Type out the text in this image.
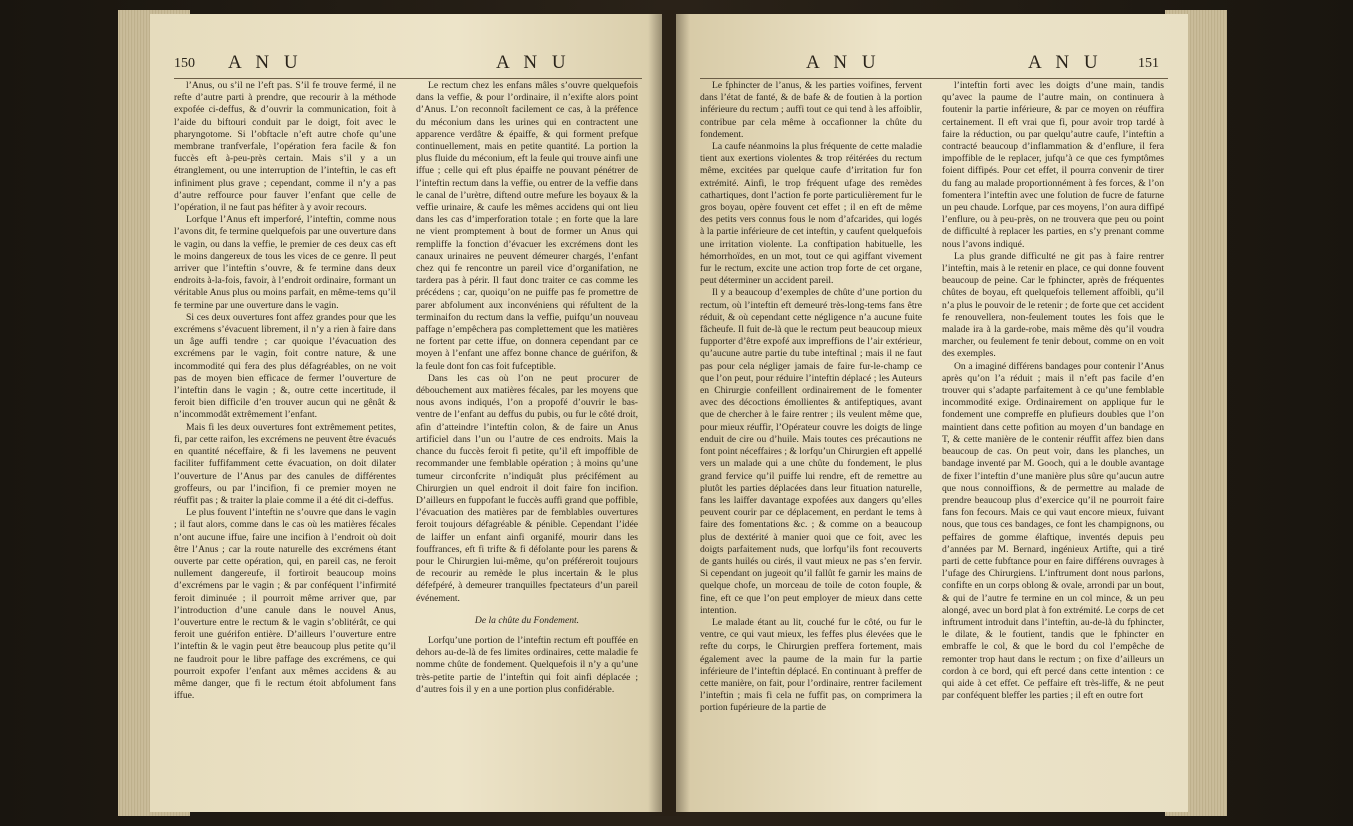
150 A N U	A N U

l’Anus, ou s’il ne l’eft pas. S’il fe trouve fermé, il ne refte d’autre parti à prendre, que recourir à la méthode expofée ci-deffus, & d’ouvrir la communication, foit à l’aide du biftouri conduit par le doigt, foit avec le pharyngotome. Si l’obftacle n’eft autre chofe qu’une membrane tranfverfale, l’opération fera facile & fon fuccès eft à-peu-près certain. Mais s’il y a un étranglement, ou une interruption de l’inteftin, le cas eft infiniment plus grave ; cependant, comme il n’y a pas d’autre reffource pour fauver l’enfant que celle de l’opération, il ne faut pas héfiter à y avoir recours.

Lorfque l’Anus eft imperforé, l’inteftin, comme nous l’avons dit, fe termine quelquefois par une ouverture dans le vagin, ou dans la veffie, le premier de ces deux cas eft le moins dangereux de tous les vices de ce genre. Il peut arriver que l’inteftin s’ouvre, & fe termine dans deux endroits à-la-fois, favoir, à l’endroit ordinaire, formant un véritable Anus plus ou moins parfait, en même-tems qu’il fe termine par une ouverture dans le vagin.

Si ces deux ouvertures font affez grandes pour que les excrémens s’évacuent librement, il n’y a rien à faire dans un âge auffi tendre ; car quoique l’évacuation des excrémens par le vagin, foit contre nature, & une incommodité qui fera des plus défagréables, on ne voit pas de moyen bien efficace de fermer l’ouverture de l’inteftin dans le vagin ; &, outre cette incertitude, il feroit bien difficile d’en trouver aucun qui ne gênât & n’incommodât extrêmement l’enfant.

Mais fi les deux ouvertures font extrêmement petites, fi, par cette raifon, les excrémens ne peuvent être évacués en quantité néceffaire, & fi les lavemens ne peuvent faciliter fuffifamment cette évacuation, on doit dilater l’ouverture de l’Anus par des canules de différentes groffeurs, ou par l’incifion, fi ce premier moyen ne réuffit pas ; & traiter la plaie comme il a été dit ci-deffus.

Le plus fouvent l’inteftin ne s’ouvre que dans le vagin ; il faut alors, comme dans le cas où les matières fécales n’ont aucune iffue, faire une incifion à l’endroit où doit être l’Anus ; car la route naturelle des excrémens étant ouverte par cette opération, qui, en pareil cas, ne feroit nullement dangereufe, il fortiroit beaucoup moins d’excrémens par le vagin ; & par conféquent l’infirmité feroit diminuée ; il pourroit même arriver que, par l’introduction d’une canule dans le nouvel Anus, l’ouverture entre le rectum & le vagin s’oblitérât, ce qui feroit une guérifon entière. D’ailleurs l’ouverture entre l’inteftin & le vagin peut être beaucoup plus petite qu’il ne faudroit pour le libre paffage des excrémens, ce qui pourroit expofer l’enfant aux mêmes accidens & au même danger, que fi le rectum étoit abfolument fans iffue.

Le rectum chez les enfans mâles s’ouvre quelquefois dans la veffie, & pour l’ordinaire, il n’exifte alors point d’Anus. L’on reconnoît facilement ce cas, à la préfence du méconium dans les urines qui en contractent une apparence verdâtre & épaiffe, & qui forment prefque continuellement, mais en petite quantité. La portion la plus fluide du méconium, eft la feule qui trouve ainfi une iffue ; celle qui eft plus épaiffe ne pouvant pénétrer de l’inteftin rectum dans la veffie, ou entrer de la veffie dans le canal de l’urètre, diftend outre mefure les boyaux & la veffie urinaire, & caufe les mêmes accidens qui ont lieu dans les cas d’imperforation totale ; en forte que la lare ne vient promptement à bout de former un Anus qui rempliffe la fonction d’évacuer les excrémens dont les canaux urinaires ne peuvent démeurer chargés, l’enfant chez qui fe rencontre un pareil vice d’organifation, ne tardera pas à périr. Il faut donc traiter ce cas comme les précédens ; car, quoiqu’on ne puiffe pas fe promettre de parer abfolument aux inconvéniens qui réfultent de la terminaifon du rectum dans la veffie, puifqu’un nouveau paffage n’empêchera pas complettement que les matières ne fortent par cette iffue, on donnera cependant par ce moyen à l’enfant une affez bonne chance de guérifon, & la feule dont fon cas foit fufceptible.

Dans les cas où l’on ne peut procurer de débouchement aux matières fécales, par les moyens que nous avons indiqués, l’on a propofé d’ouvrir le bas-ventre de l’enfant au deffus du pubis, ou fur le côté droit, afin d’atteindre l’inteftin colon, & de faire un Anus artificiel dans l’un ou l’autre de ces endroits. Mais la chance du fuccès feroit fi petite, qu’il eft impoffible de recommander une femblable opération ; à moins qu’une tumeur circonfcrite n’indiquât plus précifément au Chirurgien un quel endroit il doit faire fon incifion. D’ailleurs en fuppofant le fuccès auffi grand que poffible, l’évacuation des matières par de femblables ouvertures feroit toujours défagréable & pénible. Cependant l’idée de laiffer un enfant ainfi organifé, mourir dans les fouffrances, eft fi trifte & fi défolante pour les parens & pour le Chirurgien lui-même, qu’on préféreroit toujours de recourir au remède le plus incertain & le plus défefpéré, à demeurer tranquilles fpectateurs d’un pareil événement.

De la chûte du Fondement.

Lorfqu’une portion de l’inteftin rectum eft pouffée en dehors au-de-là de fes limites ordinaires, cette maladie fe nomme chûte de fondement. Quelquefois il n’y a qu’une très-petite partie de l’inteftin qui foit ainfi déplacée ; d’autres fois il y en a une portion plus confidérable.

A N U	A N U	151

Le fphincter de l’anus, & les parties voifines, fervent dans l’état de fanté, & de bafe & de foutien à la portion inférieure du rectum ; auffi tout ce qui tend à les affoiblir, contribue par cela même à occafionner la chûte du fondement.

La caufe néanmoins la plus fréquente de cette maladie tient aux exertions violentes & trop réitérées du rectum même, excitées par quelque caufe d’irritation fur fon extrémité. Ainfi, le trop fréquent ufage des remèdes cathartiques, dont l’action fe porte particulièrement fur le gros boyau, opère fouvent cet effet ; il en eft de même des petits vers connus fous le nom d’afcarides, qui logés à la partie inférieure de cet inteftin, y caufent quelquefois une irritation violente. La conftipation habituelle, les hémorrhoïdes, en un mot, tout ce qui agiffant vivement fur le rectum, excite une action trop forte de cet organe, peut déterminer un accident pareil.

Il y a beaucoup d’exemples de chûte d’une portion du rectum, où l’inteftin eft demeuré très-long-tems fans être réduit, & où cependant cette négligence n’a aucune fuite fâcheufe. Il fuit de-là que le rectum peut beaucoup mieux fupporter d’être expofé aux impreffions de l’air extérieur, qu’aucune autre partie du tube inteftinal ; mais il ne faut pas pour cela négliger jamais de faire fur-le-champ ce que l’on peut, pour réduire l’inteftin déplacé ; les Auteurs en Chirurgie confeillent ordinairement de le fomenter avec des décoctions émollientes & antifeptiques, avant que de chercher à le faire rentrer ; ils veulent même que, pour mieux réuffir, l’Opérateur couvre les doigts de linge enduit de cire ou d’huile. Mais toutes ces précautions ne font point néceffaires ; & lorfqu’un Chirurgien eft appellé vers un malade qui a une chûte du fondement, le plus grand fervice qu’il puiffe lui rendre, eft de remettre au plutôt les parties déplacées dans leur fituation naturelle, fans les laiffer davantage expofées aux dangers qu’elles peuvent courir par ce déplacement, en perdant le tems à faire des fomentations &c. ; & comme on a beaucoup plus de dextérité à manier quoi que ce foit, avec les doigts parfaitement nuds, que lorfqu’ils font recouverts de gants huilés ou cirés, il vaut mieux ne pas s’en fervir. Si cependant on jugeoit qu’il fallût fe garnir les mains de quelque chofe, un morceau de toile de coton fouple, & fine, eft ce que l’on peut employer de mieux dans cette intention.

Le malade étant au lit, couché fur le côté, ou fur le ventre, ce qui vaut mieux, les feffes plus élevées que le refte du corps, le Chirurgien preffera fortement, mais également avec la paume de la main fur la partie inférieure de l’inteftin déplacé. En continuant à preffer de cette manière, on fait, pour l’ordinaire, rentrer facilement l’inteftin ; mais fi cela ne fuffit pas, on comprimera la portion fupérieure de la partie de

l’inteftin forti avec les doigts d’une main, tandis qu’avec la paume de l’autre main, on continuera à foutenir la partie inférieure, & par ce moyen on réuffira certainement. Il eft vrai que fi, pour avoir trop tardé à faire la réduction, ou par quelqu’autre caufe, l’inteftin a contracté beaucoup d’inflammation & d’enflure, il fera impoffible de le replacer, jufqu’à ce que ces fymptômes foient diffipés. Pour cet effet, il pourra convenir de tirer du fang au malade proportionnément à fes forces, & l’on fomentera l’inteftin avec une folution de fucre de faturne un peu chaude. Lorfque, par ces moyens, l’on aura diffipé l’enflure, ou à peu-près, on ne trouvera que peu ou point de difficulté à replacer les parties, en s’y prenant comme nous l’avons indiqué.

La plus grande difficulté ne git pas à faire rentrer l’inteftin, mais à le retenir en place, ce qui donne fouvent beaucoup de peine. Car le fphincter, après de fréquentes chûtes de boyau, eft quelquefois tellement affoibli, qu’il n’a plus le pouvoir de le retenir ; de forte que cet accident fe renouvellera, non-feulement toutes les fois que le malade ira à la garde-robe, mais même dès qu’il voudra marcher, ou feulement fe tenir debout, comme on en voit des exemples.

On a imaginé différens bandages pour contenir l’Anus après qu’on l’a réduit ; mais il n’eft pas facile d’en trouver qui s’adapte parfaitement à ce qu’une femblable incommodité exige. Ordinairement on applique fur le fondement une compreffe en plufieurs doubles que l’on maintient dans cette pofition au moyen d’un bandage en T, & cette manière de le contenir réuffit affez bien dans beaucoup de cas. On peut voir, dans les planches, un bandage inventé par M. Gooch, qui a le double avantage de fixer l’inteftin d’une manière plus sûre qu’aucun autre que nous connoiffions, & de permettre au malade de prendre beaucoup plus d’exercice qu’il ne pourroit faire fans fon fecours. Mais ce qui vaut encore mieux, fuivant nous, que tous ces bandages, ce font les champignons, ou peffaires de gomme élaftique, inventés depuis peu d’années par M. Bernard, ingénieux Artifte, qui a tiré parti de cette fubftance pour en faire différens ouvrages à l’ufage des Chirurgiens. L’inftrument dont nous parlons, confifte en un corps oblong & ovale, arrondi par un bout, & qui de l’autre fe termine en un col mince, & un peu alongé, avec un bord plat à fon extrémité. Le corps de cet inftrument introduit dans l’inteftin, au-de-là du fphincter, le dilate, & le foutient, tandis que le fphincter en embraffe le col, & que le bord du col l’empêche de remonter trop haut dans le rectum ; on fixe d’ailleurs un cordon à ce bord, qui eft percé dans cette intention : ce qui aide à cet effet. Ce peffaire eft très-liffe, & ne peut par conféquent bleffer les parties ; il eft en outre fort
